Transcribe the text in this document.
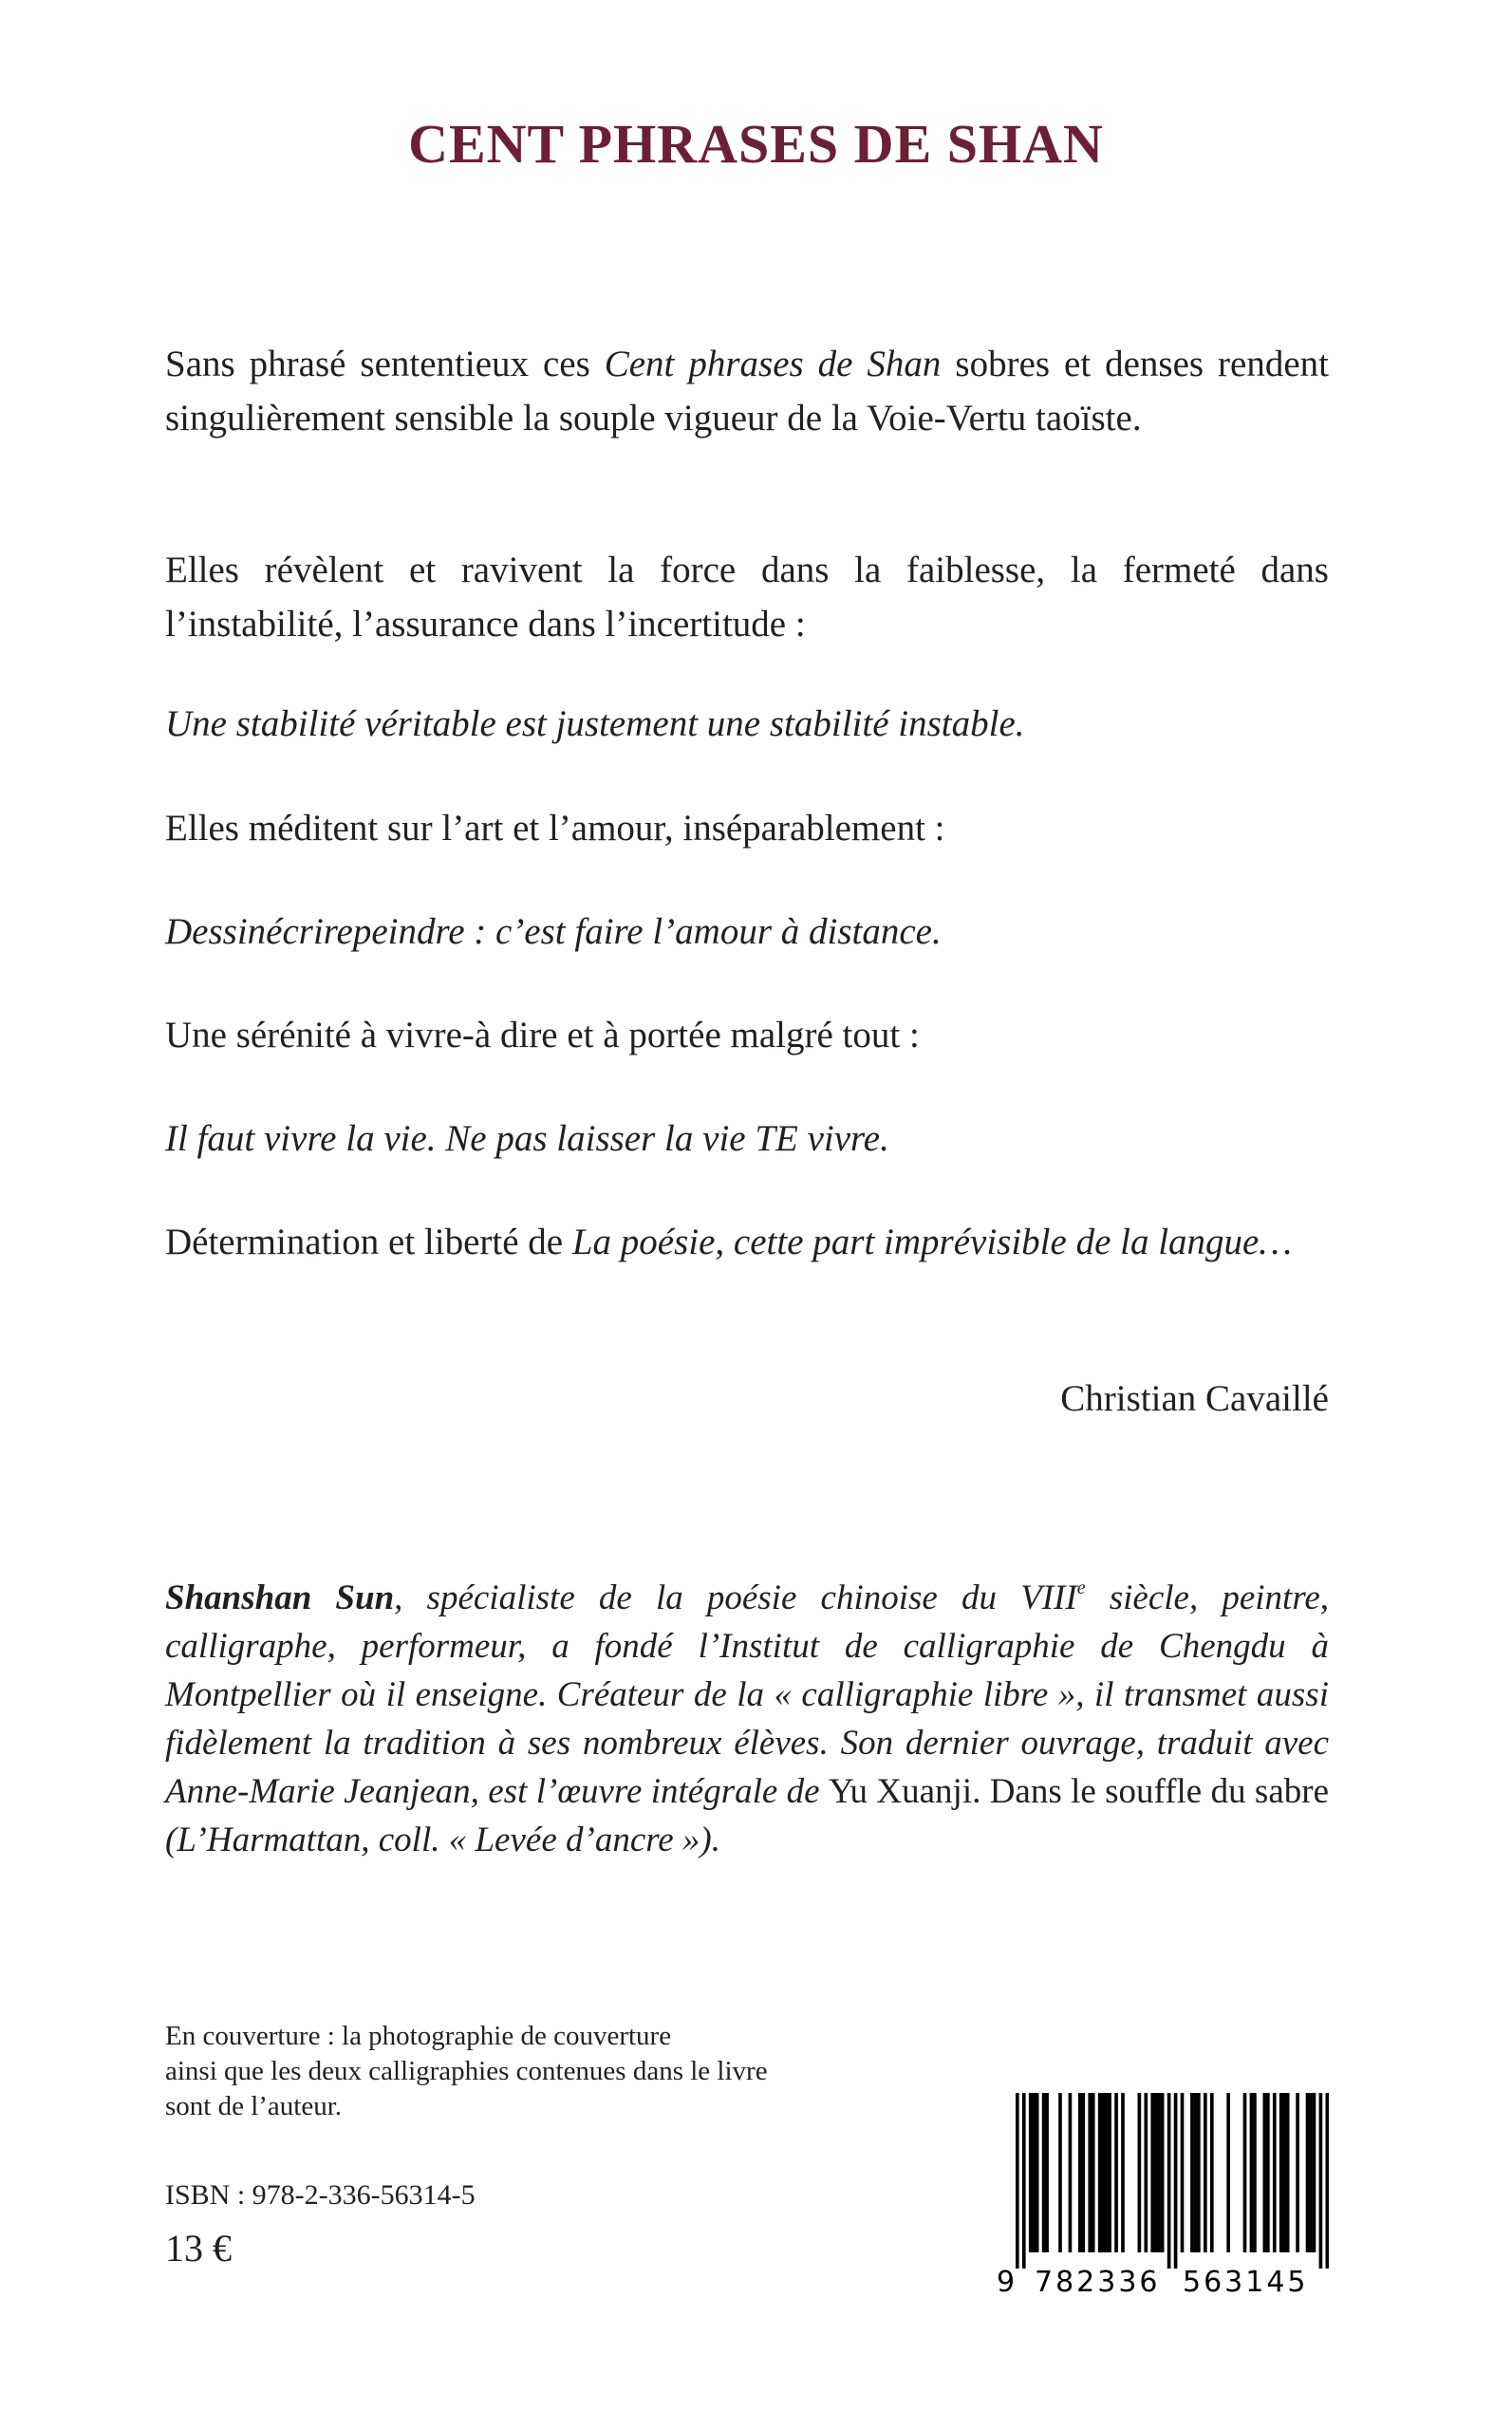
CENT PHRASES DE SHAN

Sans phrasé sententieux ces Cent phrases de Shan sobres et denses rendent singulièrement sensible la souple vigueur de la Voie-Vertu taoïste.

Elles révèlent et ravivent la force dans la faiblesse, la fermeté dans l’instabilité, l’assurance dans l’incertitude :

Une stabilité véritable est justement une stabilité instable.
Elles méditent sur l’art et l’amour, inséparablement :
Dessinécrirepeindre : c’est faire l’amour à distance.
Une sérénité à vivre-à dire et à portée malgré tout :
Il faut vivre la vie. Ne pas laisser la vie TE vivre.

Détermination et liberté de La poésie, cette part imprévisible de la langue…

Christian Cavaillé
Shanshan Sun, spécialiste de la poésie chinoise du VIIIe siècle, peintre, calligraphe, performeur, a fondé l’Institut de calligraphie de Chengdu à Montpellier où il enseigne. Créateur de la « calligraphie libre », il transmet aussi fidèlement la tradition à ses nombreux élèves. Son dernier ouvrage, traduit avec Anne-Marie Jeanjean, est l’œuvre intégrale de Yu Xuanji. Dans le souffle du sabre (L’Harmattan, coll. « Levée d’ancre »).
En couverture : la photographie de couverture
ainsi que les deux calligraphies contenues dans le livre
sont de l’auteur.
ISBN : 978-2-336-56314-5
13 €
9 782336 563145
